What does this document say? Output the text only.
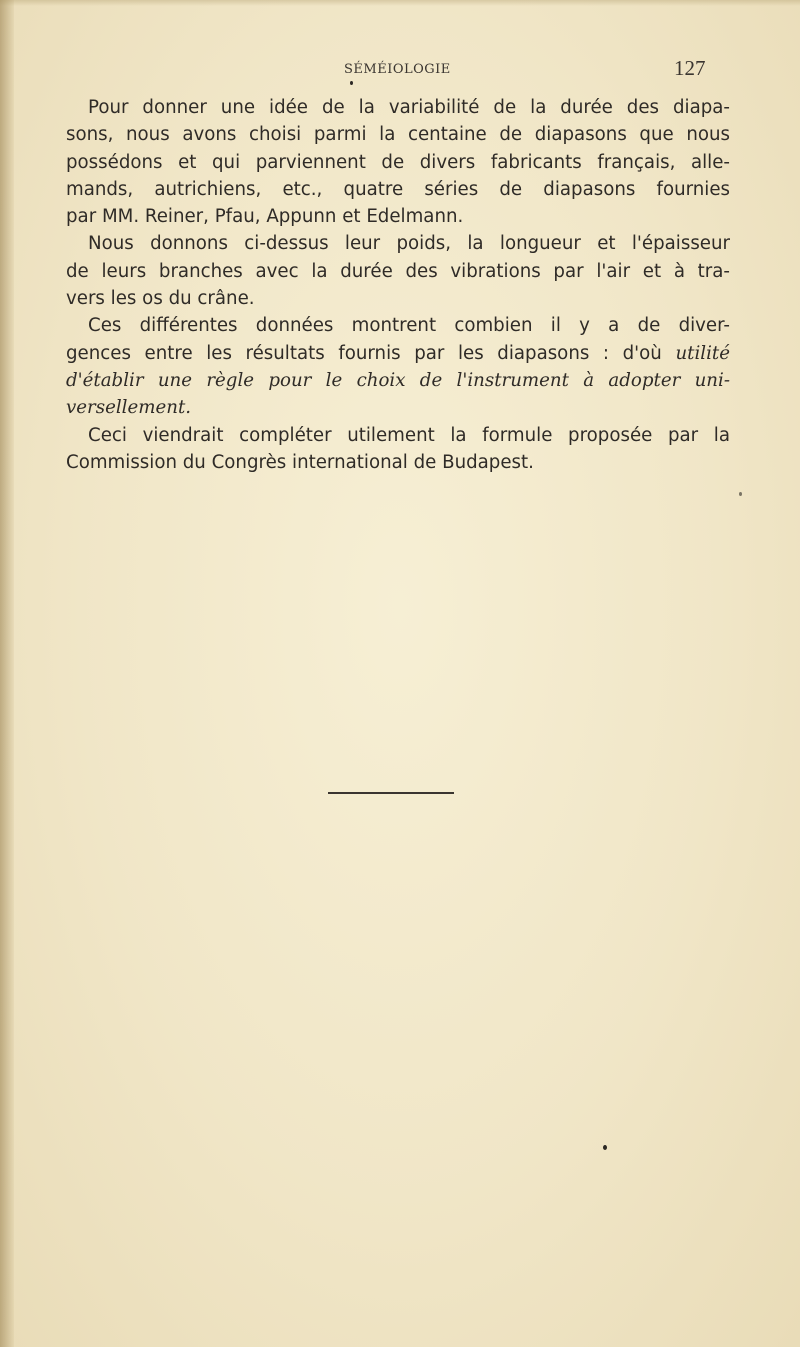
SÉMÉIOLOGIE	127
Pour donner une idée de la variabilité de la durée des diapa-
sons, nous avons choisi parmi la centaine de diapasons que nous
possédons et qui parviennent de divers fabricants français, alle-
mands, autrichiens, etc., quatre séries de diapasons fournies
par MM. Reiner, Pfau, Appunn et Edelmann.
Nous donnons ci-dessus leur poids, la longueur et l'épaisseur
de leurs branches avec la durée des vibrations par l'air et à tra-
vers les os du crâne.
Ces différentes données montrent combien il y a de diver-
gences entre les résultats fournis par les diapasons : d'où utilité
d'établir une règle pour le choix de l'instrument à adopter uni-
versellement.
Ceci viendrait compléter utilement la formule proposée par la
Commission du Congrès international de Budapest.
